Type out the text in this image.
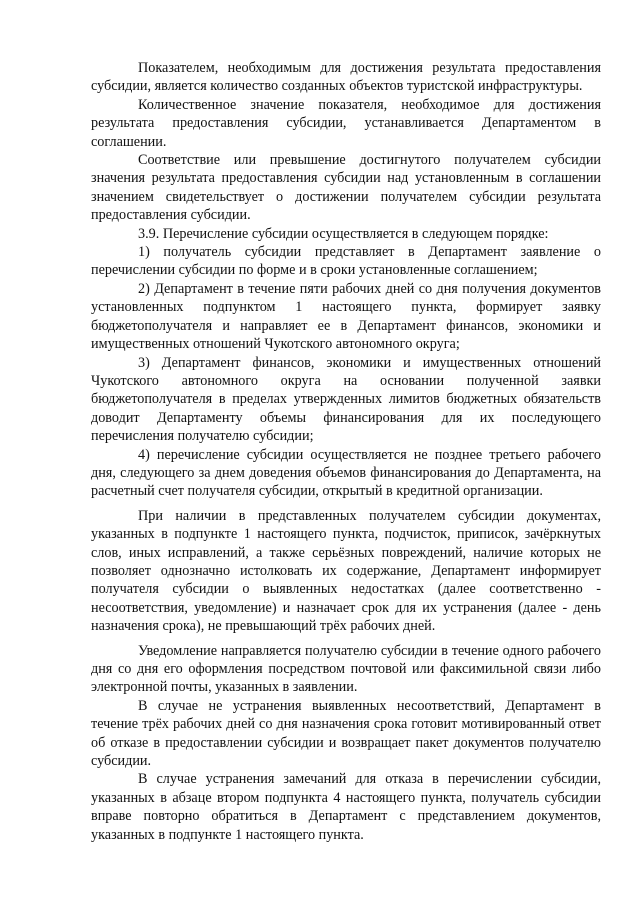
Показателем, необходимым для достижения результата предоставления субсидии, является количество созданных объектов туристской инфраструктуры.

Количественное значение показателя, необходимое для достижения результата предоставления субсидии, устанавливается Департаментом в соглашении.

Соответствие или превышение достигнутого получателем субсидии значения результата предоставления субсидии над установленным в соглашении значением свидетельствует о достижении получателем субсидии результата предоставления субсидии.

3.9. Перечисление субсидии осуществляется в следующем порядке:

1) получатель субсидии представляет в Департамент заявление о перечислении субсидии по форме и в сроки установленные соглашением;

2) Департамент в течение пяти рабочих дней со дня получения документов установленных подпунктом 1 настоящего пункта, формирует заявку бюджетополучателя и направляет ее в Департамент финансов, экономики и имущественных отношений Чукотского автономного округа;

3) Департамент финансов, экономики и имущественных отношений Чукотского автономного округа на основании полученной заявки бюджетополучателя в пределах утвержденных лимитов бюджетных обязательств доводит Департаменту объемы финансирования для их последующего перечисления получателю субсидии;

4) перечисление субсидии осуществляется не позднее третьего рабочего дня, следующего за днем доведения объемов финансирования до Департамента, на расчетный счет получателя субсидии, открытый в кредитной организации.

При наличии в представленных получателем субсидии документах, указанных в подпункте 1 настоящего пункта, подчисток, приписок, зачёркнутых слов, иных исправлений, а также серьёзных повреждений, наличие которых не позволяет однозначно истолковать их содержание, Департамент информирует получателя субсидии о выявленных недостатках (далее соответственно - несоответствия, уведомление) и назначает срок для их устранения (далее - день назначения срока), не превышающий трёх рабочих дней.

Уведомление направляется получателю субсидии в течение одного рабочего дня со дня его оформления посредством почтовой или факсимильной связи либо электронной почты, указанных в заявлении.

В случае не устранения выявленных несоответствий, Департамент в течение трёх рабочих дней со дня назначения срока готовит мотивированный ответ об отказе в предоставлении субсидии и возвращает пакет документов получателю субсидии.

В случае устранения замечаний для отказа в перечислении субсидии, указанных в абзаце втором подпункта 4 настоящего пункта, получатель субсидии вправе повторно обратиться в Департамент с представлением документов, указанных в подпункте 1 настоящего пункта.
